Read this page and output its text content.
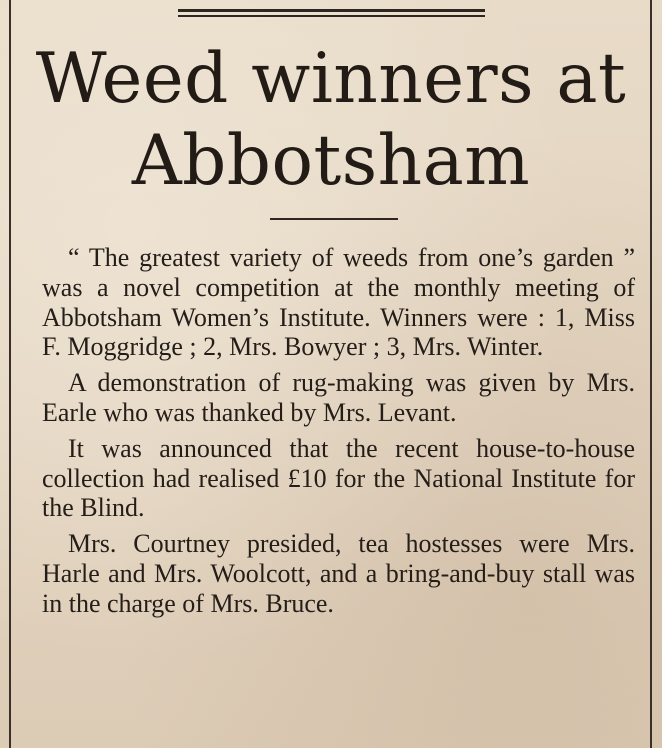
Weed winners at
Abbotsham

“ The greatest variety of weeds from one’s garden ” was a novel competition at the monthly meeting of Abbotsham Women’s Institute. Winners were : 1, Miss F. Moggridge ; 2, Mrs. Bowyer ; 3, Mrs. Winter.

A demonstration of rug-making was given by Mrs. Earle who was thanked by Mrs. Levant.

It was announced that the recent house-to-house collection had realised £10 for the National Institute for the Blind.

Mrs. Courtney presided, tea hostesses were Mrs. Harle and Mrs. Woolcott, and a bring-and-buy stall was in the charge of Mrs. Bruce.
